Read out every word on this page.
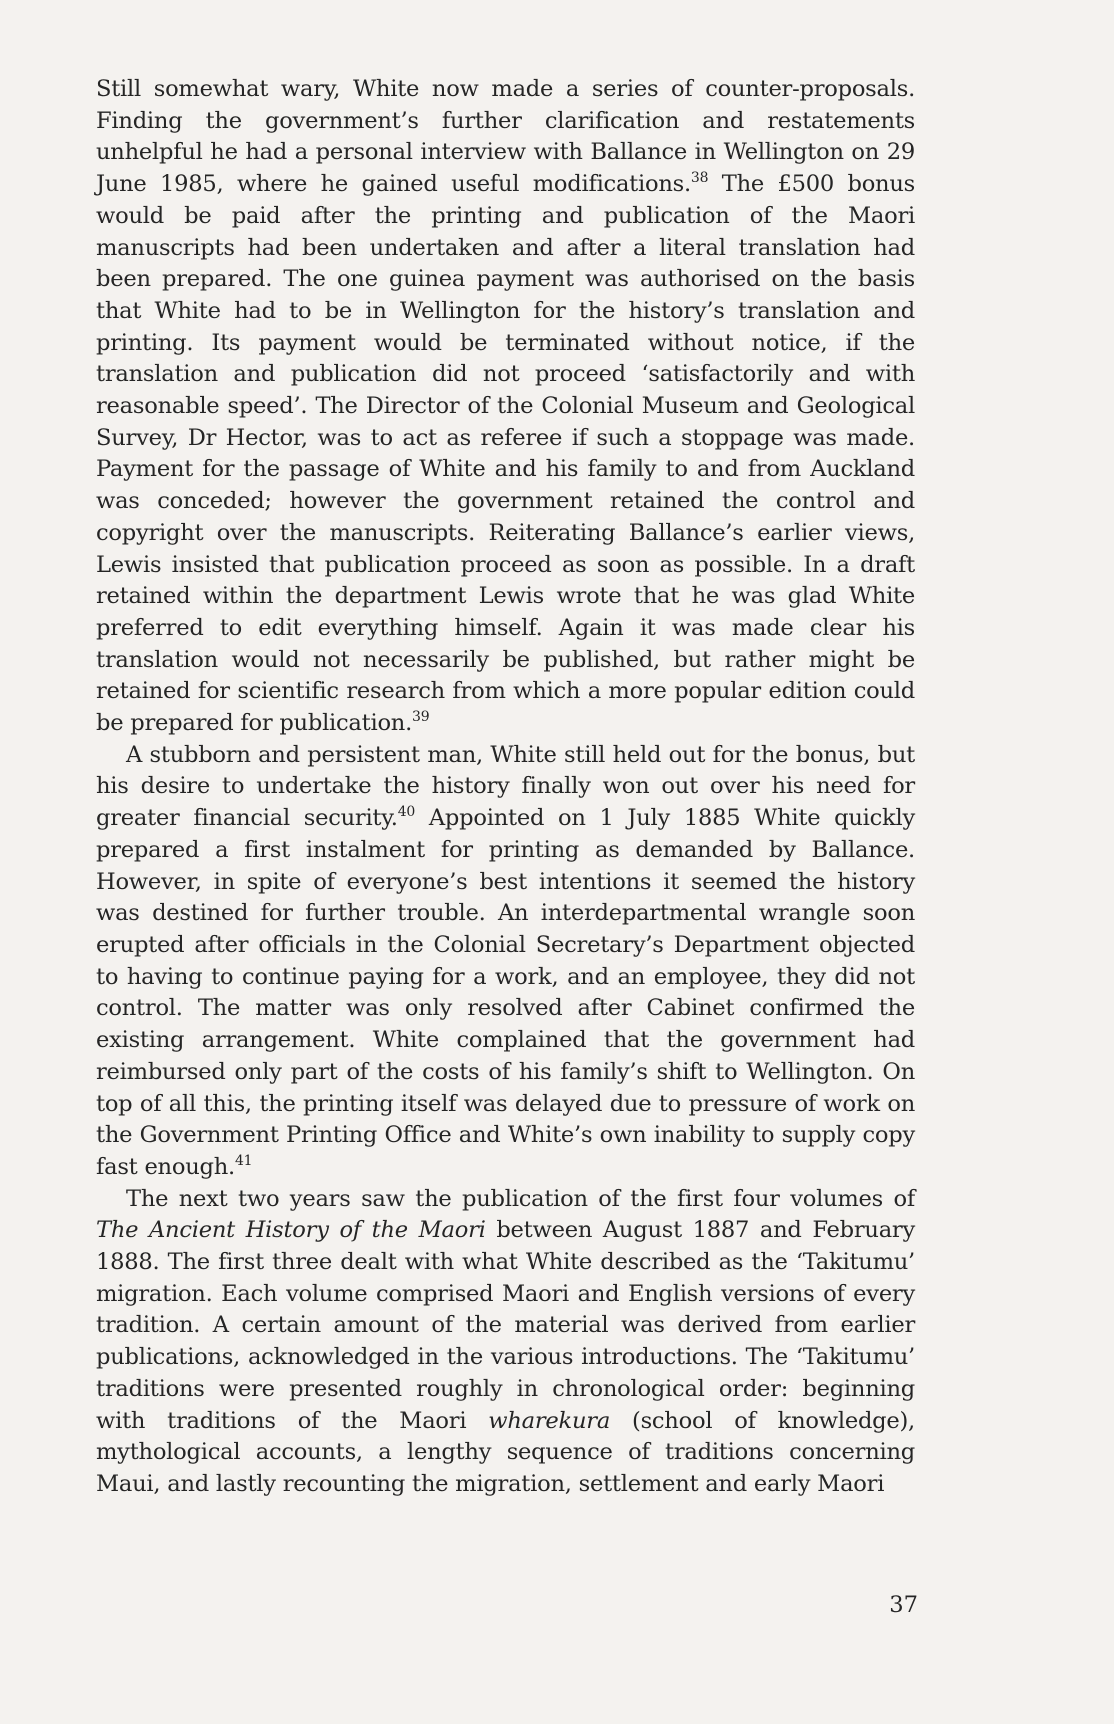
Still somewhat wary, White now made a series of counter-proposals. Finding the government’s further clarification and restatements unhelpful he had a personal interview with Ballance in Wellington on 29 June 1985, where he gained useful modifications.$^{38}$ The £500 bonus would be paid after the printing and publication of the Maori manuscripts had been undertaken and after a literal translation had been prepared. The one guinea payment was authorised on the basis that White had to be in Wellington for the history’s translation and printing. Its payment would be terminated without notice, if the translation and publication did not proceed ‘satisfactorily and with reasonable speed’. The Director of the Colonial Museum and Geological Survey, Dr Hector, was to act as referee if such a stoppage was made. Payment for the passage of White and his family to and from Auckland was conceded; however the government retained the control and copyright over the manuscripts. Reiterating Ballance’s earlier views, Lewis insisted that publication proceed as soon as possible. In a draft retained within the department Lewis wrote that he was glad White preferred to edit everything himself. Again it was made clear his translation would not necessarily be published, but rather might be retained for scientific research from which a more popular edition could be prepared for publication.$^{39}$

A stubborn and persistent man, White still held out for the bonus, but his desire to undertake the history finally won out over his need for greater financial security.$^{40}$ Appointed on 1 July 1885 White quickly prepared a first instalment for printing as demanded by Ballance. However, in spite of everyone’s best intentions it seemed the history was destined for further trouble. An interdepartmental wrangle soon erupted after officials in the Colonial Secretary’s Department objected to having to continue paying for a work, and an employee, they did not control. The matter was only resolved after Cabinet confirmed the existing arrangement. White complained that the government had reimbursed only part of the costs of his family’s shift to Wellington. On top of all this, the printing itself was delayed due to pressure of work on the Government Printing Office and White’s own inability to supply copy fast enough.$^{41}$

The next two years saw the publication of the first four volumes of The Ancient History of the Maori between August 1887 and February 1888. The first three dealt with what White described as the ‘Takitumu’ migration. Each volume comprised Maori and English versions of every tradition. A certain amount of the material was derived from earlier publications, acknowledged in the various introductions. The ‘Takitumu’ traditions were presented roughly in chronological order: beginning with traditions of the Maori wharekura (school of knowledge), mythological accounts, a lengthy sequence of traditions concerning Maui, and lastly recounting the migration, settlement and early Maori

37
